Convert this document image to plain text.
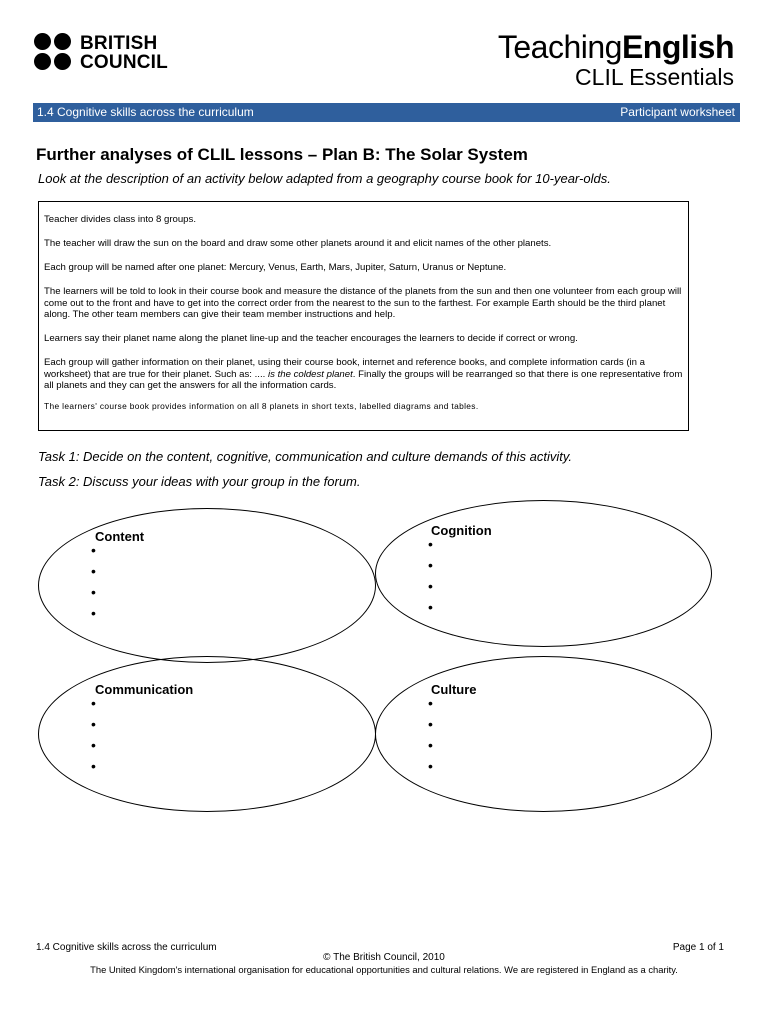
BRITISH
COUNCIL	TeachingEnglish
CLIL Essentials
1.4 Cognitive skills across the curriculum	Participant worksheet
Further analyses of CLIL lessons – Plan B: The Solar System
Look at the description of an activity below adapted from a geography course book for 10-year-olds.

Teacher divides class into 8 groups.

The teacher will draw the sun on the board and draw some other planets around it and elicit names of the other planets.

Each group will be named after one planet: Mercury, Venus, Earth, Mars, Jupiter, Saturn, Uranus or Neptune.

The learners will be told to look in their course book and measure the distance of the planets from the sun and then one volunteer from each group will come out to the front and have to get into the correct order from the nearest to the sun to the farthest. For example Earth should be the third planet along. The other team members can give their team member instructions and help.

Learners say their planet name along the planet line-up and the teacher encourages the learners to decide if correct or wrong.

Each group will gather information on their planet, using their course book, internet and reference books, and complete information cards (in a worksheet) that are true for their planet. Such as: .... is the coldest planet. Finally the groups will be rearranged so that there is one representative from all planets and they can get the answers for all the information cards.

The learners' course book provides information on all 8 planets in short texts, labelled diagrams and tables.

Task 1: Decide on the content, cognitive, communication and culture demands of this activity.
Task 2: Discuss your ideas with your group in the forum.
Content
•
•
•
•	Cognition
•
•
•
•
Communication
•
•
•
•	Culture
•
•
•
•
1.4 Cognitive skills across the curriculum	Page 1 of 1
© The British Council, 2010
The United Kingdom's international organisation for educational opportunities and cultural relations. We are registered in England as a charity.
